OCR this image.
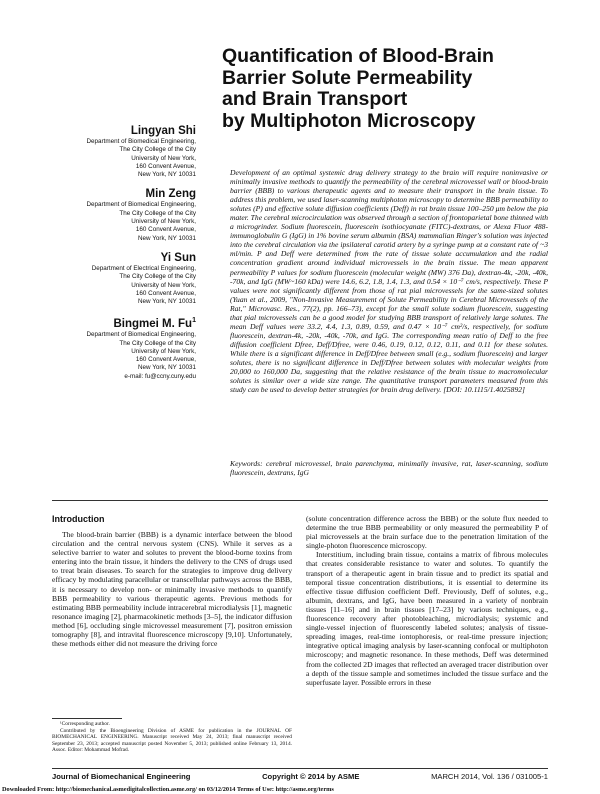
Quantification of Blood-Brain
Barrier Solute Permeability
and Brain Transport
by Multiphoton Microscopy
Lingyan Shi
Department of Biomedical Engineering,
The City College of the City
University of New York,
160 Convent Avenue,
New York, NY 10031
Min Zeng
Department of Biomedical Engineering,
The City College of the City
University of New York,
160 Convent Avenue,
New York, NY 10031
Yi Sun
Department of Electrical Engineering,
The City College of the City
University of New York,
160 Convent Avenue,
New York, NY 10031
Bingmei M. Fu$^1$
Department of Biomedical Engineering,
The City College of the City
University of New York,
160 Convent Avenue,
New York, NY 10031
e-mail: fu@ccny.cuny.edu
Development of an optimal systemic drug delivery strategy to the brain will require noninvasive or minimally invasive methods to quantify the permeability of the cerebral microvessel wall or blood-brain barrier (BBB) to various therapeutic agents and to measure their transport in the brain tissue. To address this problem, we used laser-scanning multiphoton microscopy to determine BBB permeability to solutes (P) and effective solute diffusion coefficients (Deff) in rat brain tissue 100–250 μm below the pia mater. The cerebral microcirculation was observed through a section of frontoparietal bone thinned with a microgrinder. Sodium fluorescein, fluorescein isothiocyanate (FITC)-dextrans, or Alexa Fluor 488-immunoglobulin G (IgG) in 1% bovine serum albumin (BSA) mammalian Ringer's solution was injected into the cerebral circulation via the ipsilateral carotid artery by a syringe pump at a constant rate of ~3 ml/min. P and Deff were determined from the rate of tissue solute accumulation and the radial concentration gradient around individual microvessels in the brain tissue. The mean apparent permeability P values for sodium fluorescein (molecular weight (MW) 376 Da), dextran-4k, -20k, -40k, -70k, and IgG (MW~160 kDa) were 14.6, 6.2, 1.8, 1.4, 1.3, and 0.54 × 10⁻⁷ cm/s, respectively. These P values were not significantly different from those of rat pial microvessels for the same-sized solutes (Yuan et al., 2009, "Non-Invasive Measurement of Solute Permeability in Cerebral Microvessels of the Rat," Microvasc. Res., 77(2), pp. 166–73), except for the small solute sodium fluorescein, suggesting that pial microvessels can be a good model for studying BBB transport of relatively large solutes. The mean Deff values were 33.2, 4.4, 1.3, 0.89, 0.59, and 0.47 × 10⁻⁷ cm²/s, respectively, for sodium fluorescein, dextran-4k, -20k, -40k, -70k, and IgG. The corresponding mean ratio of Deff to the free diffusion coefficient Dfree, Deff/Dfree, were 0.46, 0.19, 0.12, 0.12, 0.11, and 0.11 for these solutes. While there is a significant difference in Deff/Dfree between small (e.g., sodium fluorescein) and larger solutes, there is no significant difference in Deff/Dfree between solutes with molecular weights from 20,000 to 160,000 Da, suggesting that the relative resistance of the brain tissue to macromolecular solutes is similar over a wide size range. The quantitative transport parameters measured from this study can be used to develop better strategies for brain drug delivery. [DOI: 10.1115/1.4025892]
Keywords: cerebral microvessel, brain parenchyma, minimally invasive, rat, laser-scanning, sodium fluorescein, dextrans, IgG
Introduction

The blood-brain barrier (BBB) is a dynamic interface between the blood circulation and the central nervous system (CNS). While it serves as a selective barrier to water and solutes to prevent the blood-borne toxins from entering into the brain tissue, it hinders the delivery to the CNS of drugs used to treat brain diseases. To search for the strategies to improve drug delivery efficacy by modulating paracellular or transcellular pathways across the BBB, it is necessary to develop non- or minimally invasive methods to quantify BBB permeability to various therapeutic agents. Previous methods for estimating BBB permeability include intracerebral microdialysis [1], magnetic resonance imaging [2], pharmacokinetic methods [3–5], the indicator diffusion method [6], occluding single microvessel measurement [7], positron emission tomography [8], and intravital fluorescence microscopy [9,10]. Unfortunately, these methods either did not measure the driving force

(solute concentration difference across the BBB) or the solute flux needed to determine the true BBB permeability or only measured the permeability P of pial microvessels at the brain surface due to the penetration limitation of the single-photon fluorescence microscopy.

Interstitium, including brain tissue, contains a matrix of fibrous molecules that creates considerable resistance to water and solutes. To quantify the transport of a therapeutic agent in brain tissue and to predict its spatial and temporal tissue concentration distributions, it is essential to determine its effective tissue diffusion coefficient Deff. Previously, Deff of solutes, e.g., albumin, dextrans, and IgG, have been measured in a variety of nonbrain tissues [11–16] and in brain tissues [17–23] by various techniques, e.g., fluorescence recovery after photobleaching, microdialysis; systemic and single-vessel injection of fluorescently labeled solutes; analysis of tissue-spreading images, real-time iontophoresis, or real-time pressure injection; integrative optical imaging analysis by laser-scanning confocal or multiphoton microscopy; and magnetic resonance. In these methods, Deff was determined from the collected 2D images that reflected an averaged tracer distribution over a depth of the tissue sample and sometimes included the tissue surface and the superfusate layer. Possible errors in these

¹Corresponding author.

Contributed by the Bioengineering Division of ASME for publication in the JOURNAL OF BIOMECHANICAL ENGINEERING. Manuscript received May 24, 2013; final manuscript received September 23, 2013; accepted manuscript posted November 5, 2013; published online February 13, 2014. Assoc. Editor: Mohammad Mofrad.

Journal of Biomechanical Engineering	Copyright © 2014 by ASME	MARCH 2014, Vol. 136 / 031005-1
Downloaded From: http://biomechanical.asmedigitalcollection.asme.org/ on 03/12/2014 Terms of Use: http://asme.org/terms
